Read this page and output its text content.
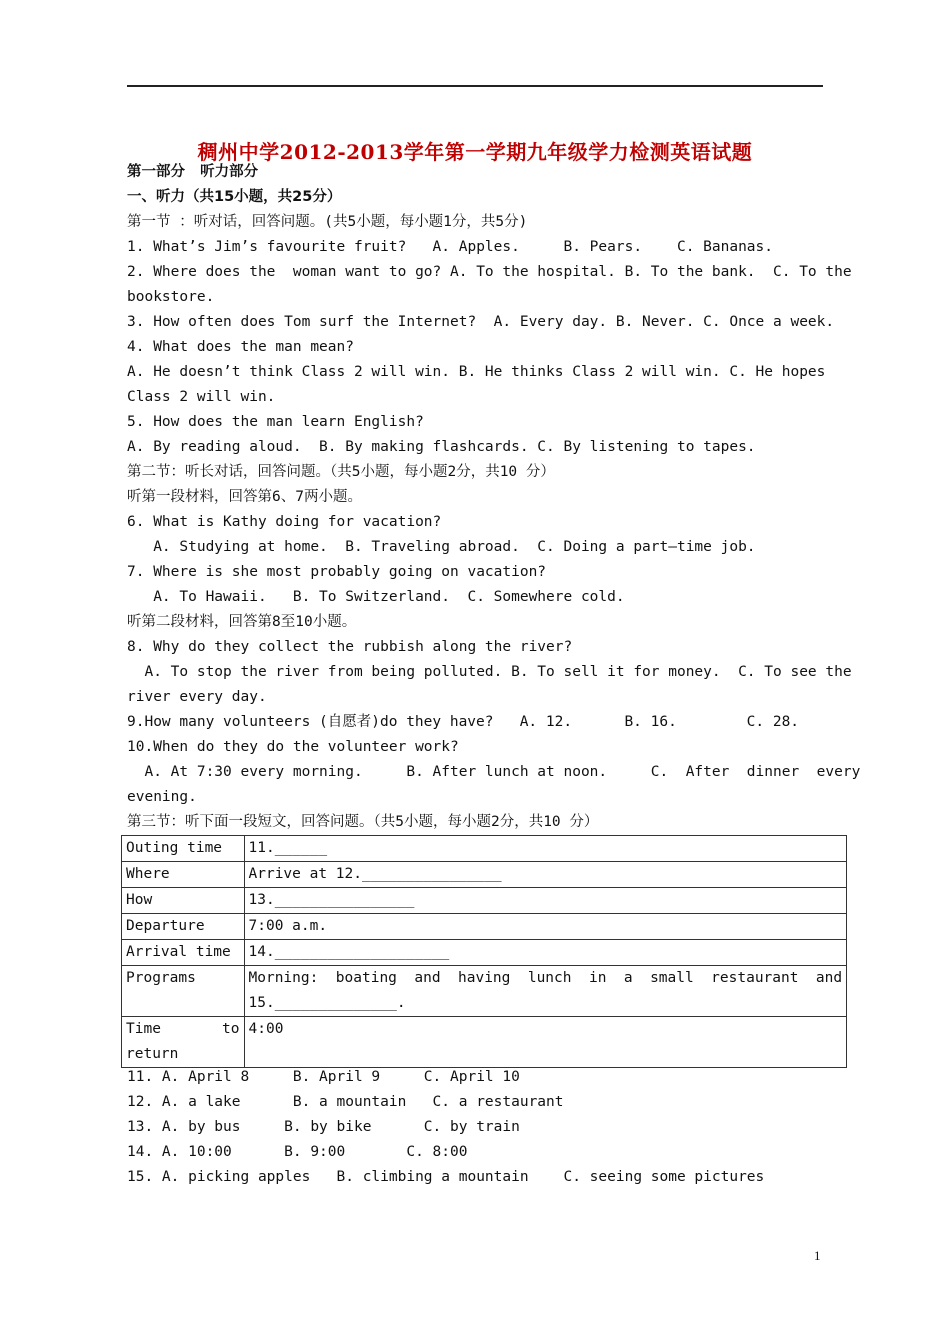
稠州中学2012-2013学年第一学期九年级学力检测英语试题
第一部分   听力部分
一、听力（共15小题，共25分）
第一节 ：听对话，回答问题。(共5小题，每小题1分，共5分)
1. What’s Jim’s favourite fruit?   A. Apples.     B. Pears.    C. Bananas.
2. Where does the  woman want to go? A. To the hospital. B. To the bank.  C. To the
bookstore.
3. How often does Tom surf the Internet?  A. Every day. B. Never. C. Once a week.
4. What does the man mean?
A. He doesn’t think Class 2 will win. B. He thinks Class 2 will win. C. He hopes
Class 2 will win.
5. How does the man learn English?
A. By reading aloud.  B. By making flashcards. C. By listening to tapes.
第二节：听长对话，回答问题。（共5小题，每小题2分，共10 分）
听第一段材料，回答第6、7两小题。
6. What is Kathy doing for vacation?
A. Studying at home.  B. Traveling abroad.  C. Doing a part—time job.
7. Where is she most probably going on vacation?
A. To Hawaii.   B. To Switzerland.  C. Somewhere cold.
听第二段材料，回答第8至10小题。
8. Why do they collect the rubbish along the river?
A. To stop the river from being polluted. B. To sell it for money.  C. To see the
river every day.
9.How many volunteers (自愿者)do they have?   A. 12.      B. 16.        C. 28.
10.When do they do the volunteer work?
A. At 7:30 every morning.     B. After lunch at noon.     C.  After  dinner  every
evening.
第三节：听下面一段短文，回答问题。（共5小题，每小题2分，共10 分）
Outing time	11.______
Where	Arrive at 12.________________
How	13.________________
Departure	7:00 a.m.
Arrival time	14.____________________
Programs	Morning:  boating  and  having  lunch  in  a  small  restaurant  and
15.______________.

Time       to
return	4:00
11. A. April 8     B. April 9     C. April 10
12. A. a lake      B. a mountain   C. a restaurant
13. A. by bus     B. by bike      C. by train
14. A. 10:00      B. 9:00       C. 8:00
15. A. picking apples   B. climbing a mountain    C. seeing some pictures
1
